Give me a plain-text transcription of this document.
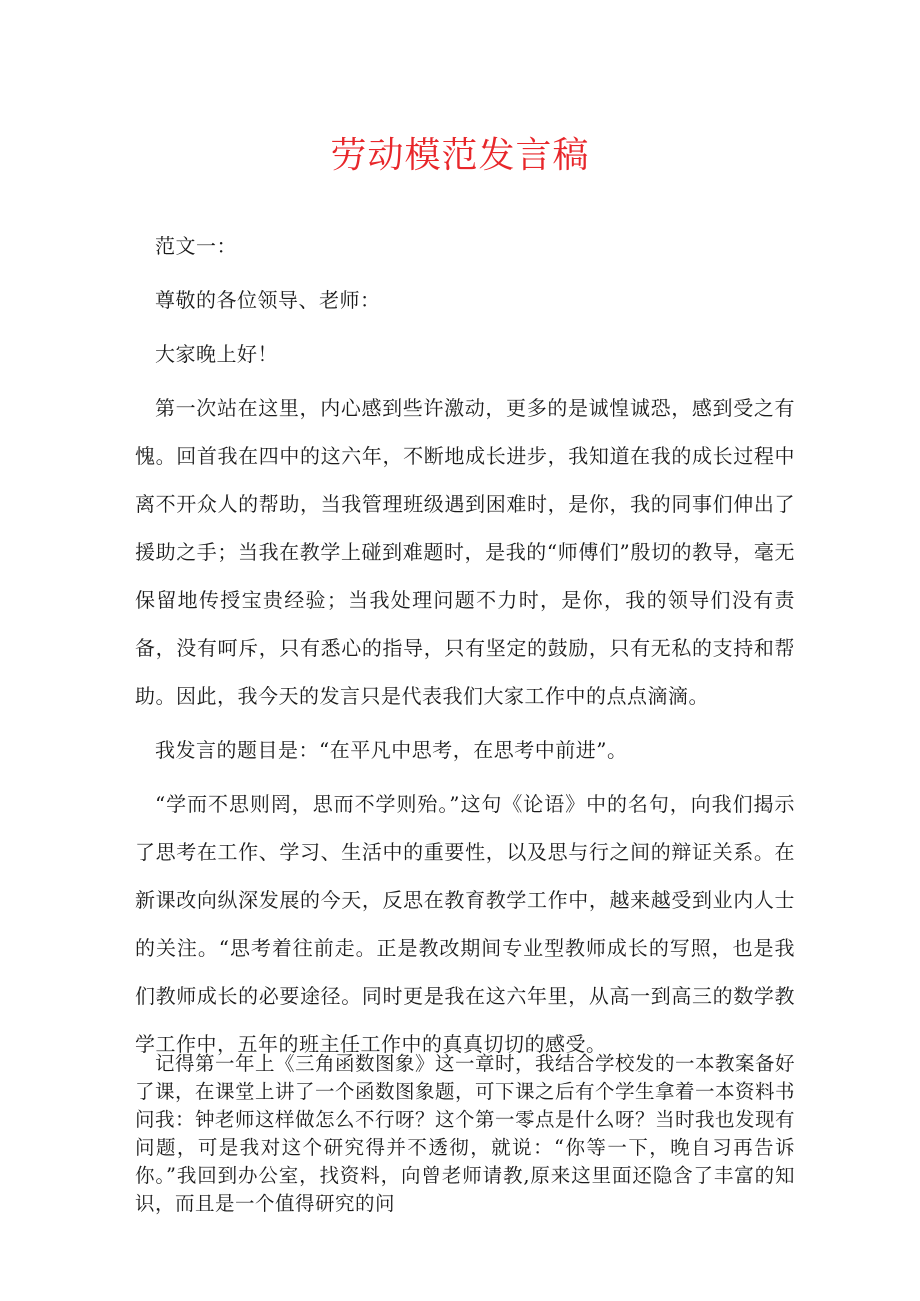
劳动模范发言稿

范文一：

尊敬的各位领导、老师：

大家晚上好！

第一次站在这里，内心感到些许激动，更多的是诚惶诚恐，感到受之有愧。回首我在四中的这六年，不断地成长进步，我知道在我的成长过程中离不开众人的帮助，当我管理班级遇到困难时，是你，我的同事们伸出了援助之手；当我在教学上碰到难题时，是我的“师傅们”殷切的教导，毫无保留地传授宝贵经验；当我处理问题不力时，是你，我的领导们没有责备，没有呵斥，只有悉心的指导，只有坚定的鼓励，只有无私的支持和帮助。因此，我今天的发言只是代表我们大家工作中的点点滴滴。

我发言的题目是：“在平凡中思考，在思考中前进”。

“学而不思则罔，思而不学则殆。”这句《论语》中的名句，向我们揭示了思考在工作、学习、生活中的重要性，以及思与行之间的辩证关系。在新课改向纵深发展的今天，反思在教育教学工作中，越来越受到业内人士的关注。“思考着往前走。正是教改期间专业型教师成长的写照，也是我们教师成长的必要途径。同时更是我在这六年里，从高一到高三的数学教学工作中，五年的班主任工作中的真真切切的感受。

记得第一年上《三角函数图象》这一章时，我结合学校发的一本教案备好了课，在课堂上讲了一个函数图象题，可下课之后有个学生拿着一本资料书问我：钟老师这样做怎么不行呀？这个第一零点是什么呀？当时我也发现有问题，可是我对这个研究得并不透彻，就说：“你等一下，晚自习再告诉你。”我回到办公室，找资料，向曾老师请教,原来这里面还隐含了丰富的知识，而且是一个值得研究的问
